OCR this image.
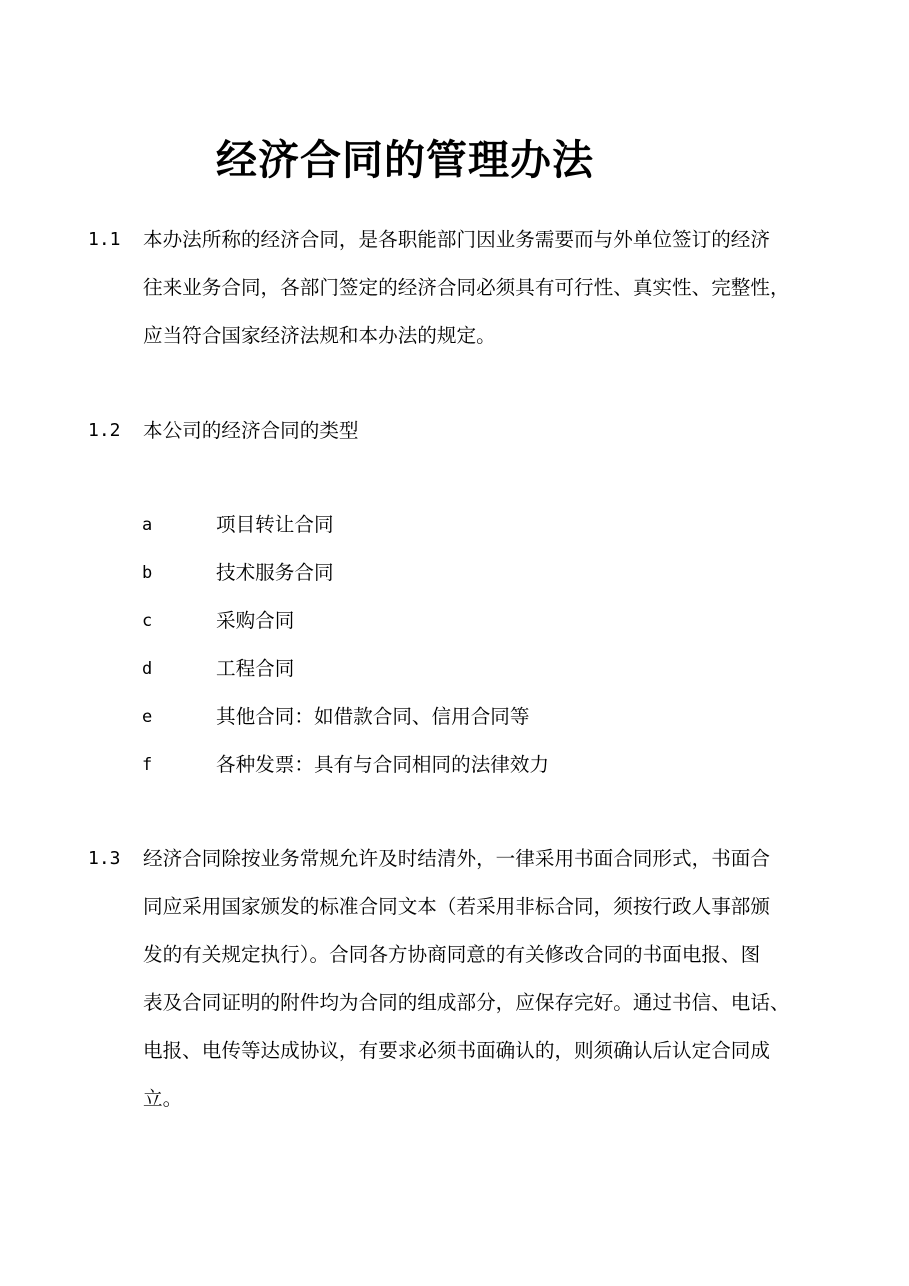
经济合同的管理办法
1.1 本办法所称的经济合同，是各职能部门因业务需要而与外单位签订的经济
往来业务合同，各部门签定的经济合同必须具有可行性、真实性、完整性，
应当符合国家经济法规和本办法的规定。
1.2 本公司的经济合同的类型
a	项目转让合同
b	技术服务合同
c	采购合同
d	工程合同
e	其他合同：如借款合同、信用合同等
f	各种发票：具有与合同相同的法律效力
1.3 经济合同除按业务常规允许及时结清外，一律采用书面合同形式，书面合
同应采用国家颁发的标准合同文本（若采用非标合同，须按行政人事部颁
发的有关规定执行）。合同各方协商同意的有关修改合同的书面电报、图
表及合同证明的附件均为合同的组成部分，应保存完好。通过书信、电话、
电报、电传等达成协议，有要求必须书面确认的，则须确认后认定合同成
立。
